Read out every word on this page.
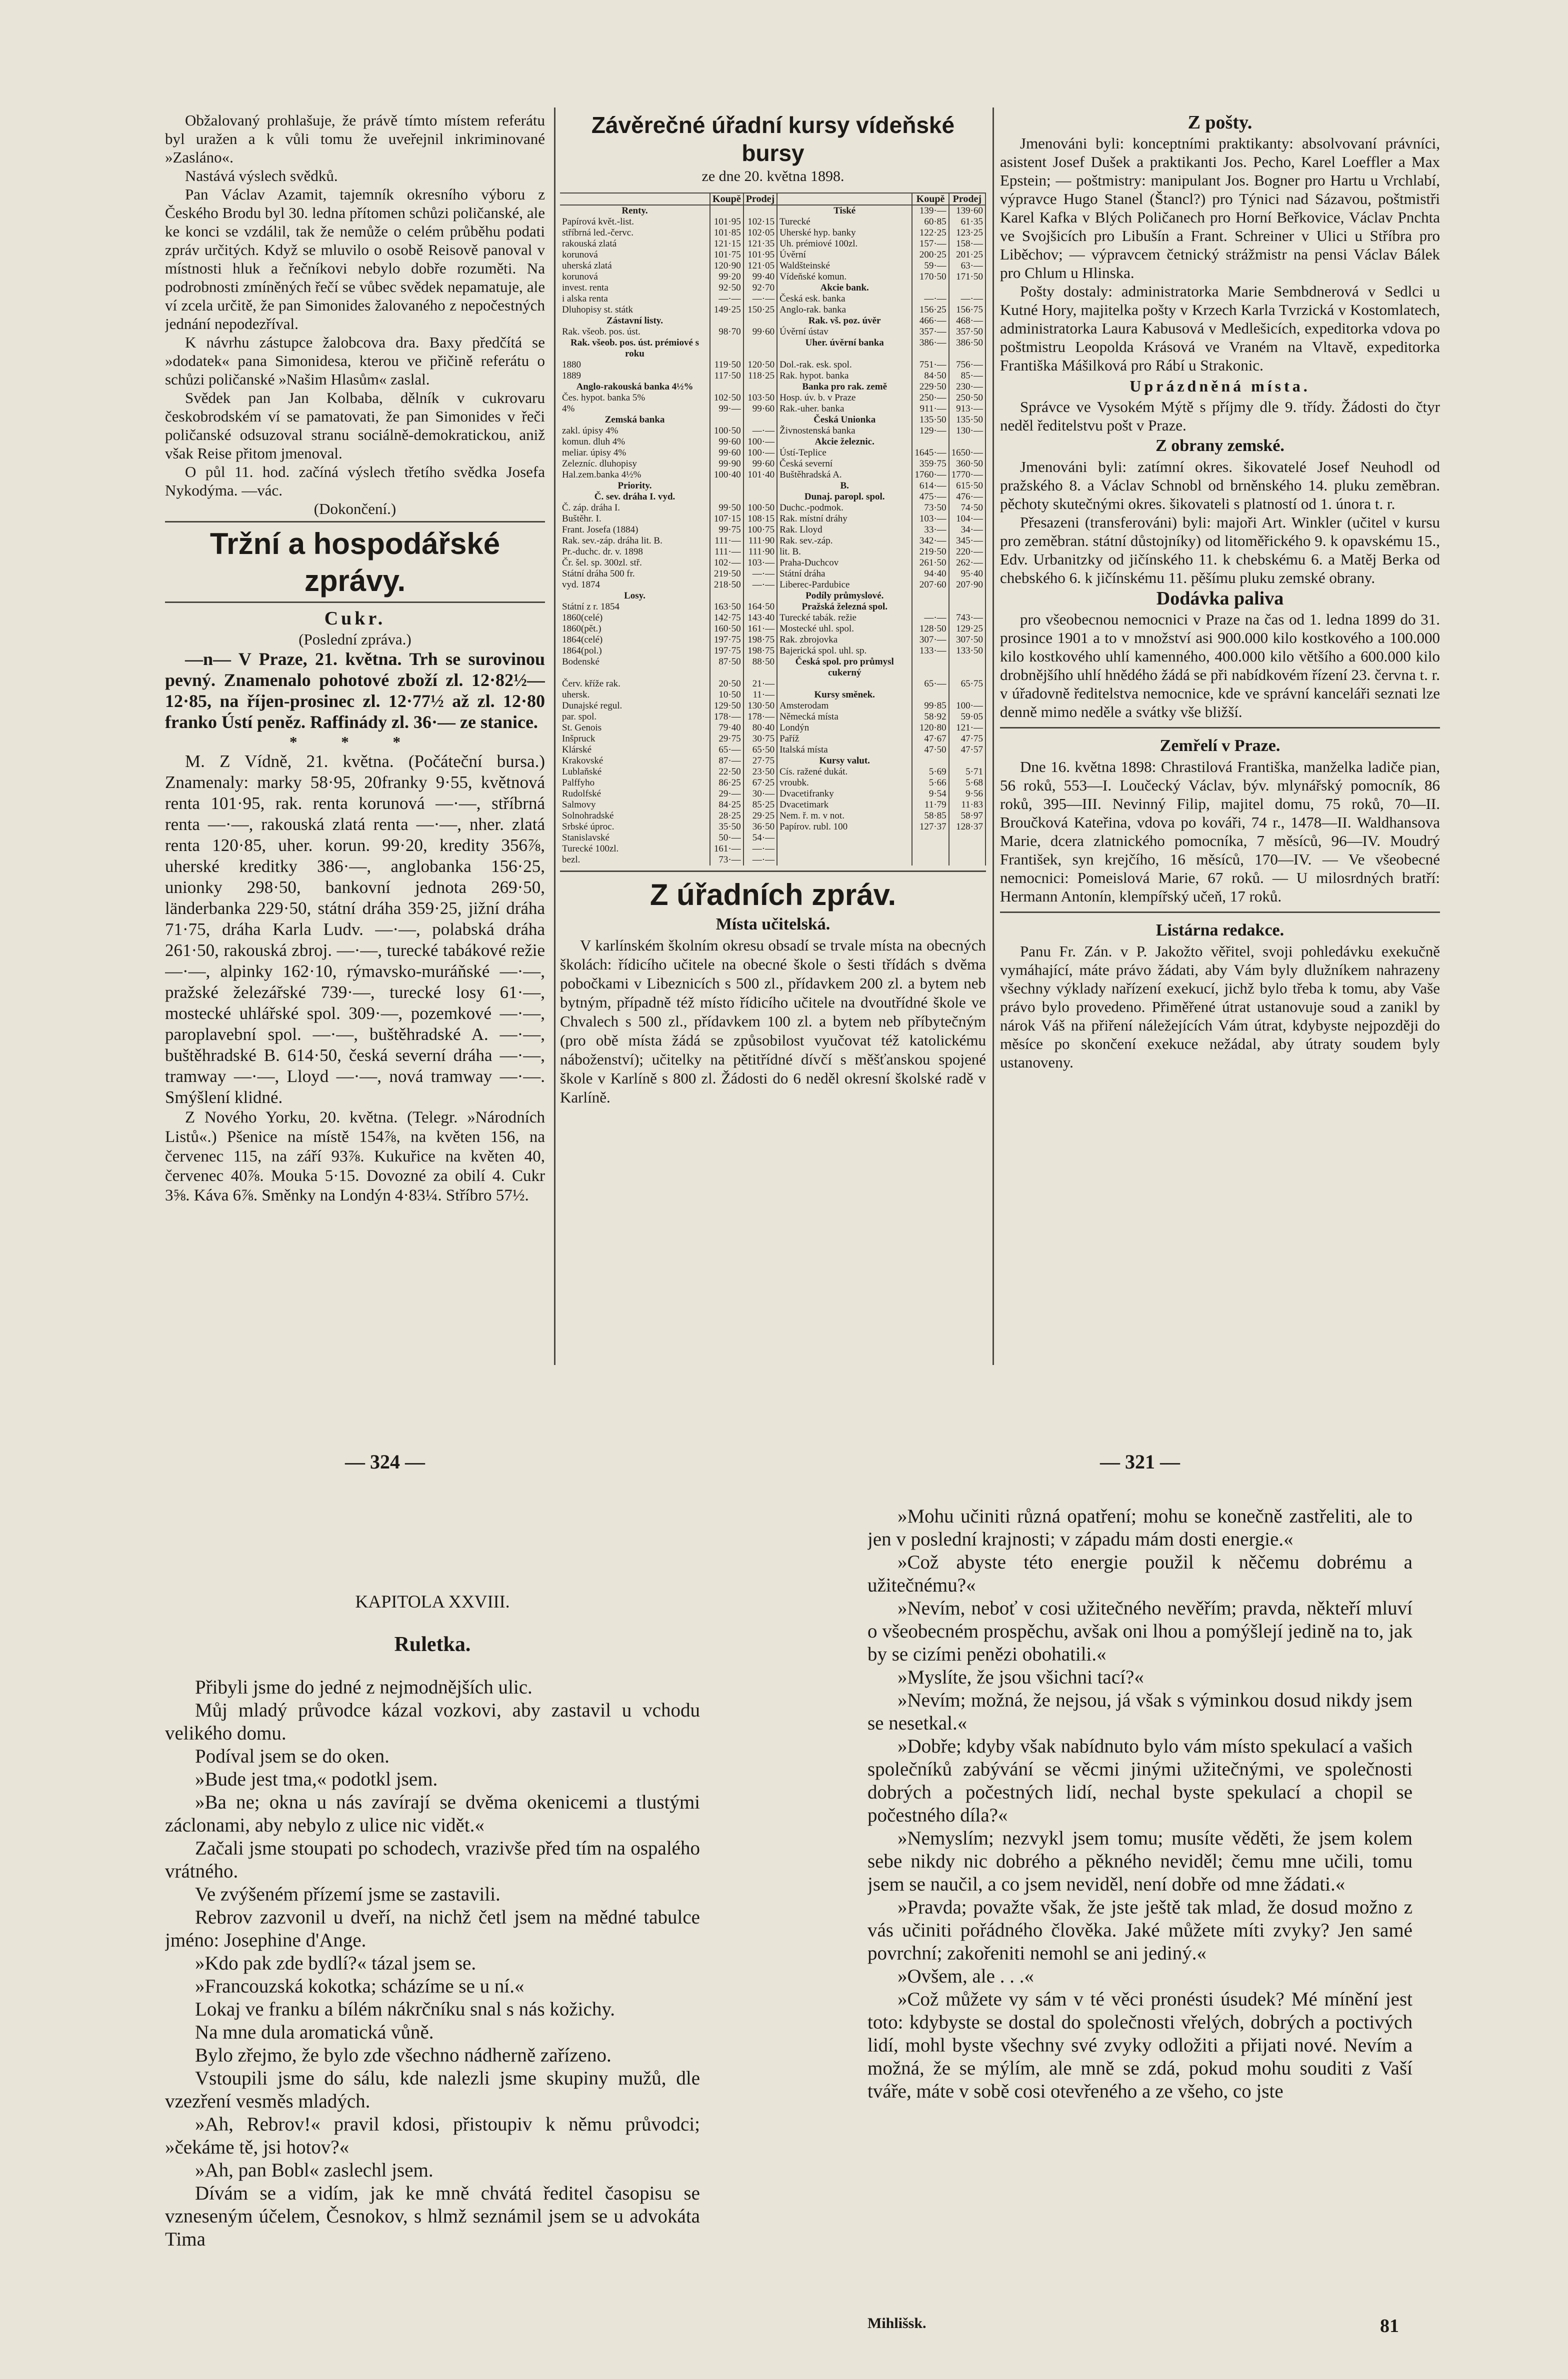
Obžalovaný prohlašuje, že právě tímto místem referátu byl uražen a k vůli tomu že uveřejnil inkriminované »Zasláno«.

Nastává výslech svědků.

Pan Václav Azamit, tajemník okresního výboru z Českého Brodu byl 30. ledna přítomen schůzi poličanské, ale ke konci se vzdálil, tak že nemůže o celém průběhu podati zpráv určitých. Když se mluvilo o osobě Reisově panoval v místnosti hluk a řečníkovi nebylo dobře rozuměti. Na podrobnosti zmíněných řečí se vůbec svědek nepamatuje, ale ví zcela určitě, že pan Simonides žalovaného z nepočestných jednání nepodezříval.

K návrhu zástupce žalobcova dra. Baxy předčítá se »dodatek« pana Simonidesa, kterou ve přičině referátu o schůzi poličanské »Našim Hlasům« zaslal.

Svědek pan Jan Kolbaba, dělník v cukrovaru českobrodském ví se pamatovati, že pan Simonides v řeči poličanské odsuzoval stranu sociálně-demokratickou, aniž však Reise přitom jmenoval.

O půl 11. hod. začíná výslech třetího svědka Josefa Nykodýma. —vác.

(Dokončení.)

Tržní a hospodářské zprávy.
Cukr.

(Poslední zpráva.)

—n— V Praze, 21. května. Trh se surovinou pevný. Znamenalo pohotové zboží zl. 12·82½—12·85, na říjen-prosinec zl. 12·77½ až zl. 12·80 franko Ústí peněz. Raffinády zl. 36·— ze stanice.

* * *

M. Z Vídně, 21. května. (Počáteční bursa.) Znamenaly: marky 58·95, 20franky 9·55, květnová renta 101·95, rak. renta korunová —·—, stříbrná renta —·—, rakouská zlatá renta —·—, nher. zlatá renta 120·85, uher. korun. 99·20, kredity 356⅞, uherské kreditky 386·—, anglobanka 156·25, unionky 298·50, bankovní jednota 269·50, länderbanka 229·50, státní dráha 359·25, jižní dráha 71·75, dráha Karla Ludv. —·—, polabská dráha 261·50, rakouská zbroj. —·—, turecké tabákové režie —·—, alpinky 162·10, rýmavsko-muráňské —·—, pražské železářské 739·—, turecké losy 61·—, mostecké uhlářské spol. 309·—, pozemkové —·—, paroplavební spol. —·—, buštěhradské A. —·—, buštěhradské B. 614·50, česká severní dráha —·—, tramway —·—, Lloyd —·—, nová tramway —·—. Smýšlení klidné.

Z Nového Yorku, 20. května. (Telegr. »Národních Listů«.) Pšenice na místě 154⅞, na květen 156, na červenec 115, na září 93⅞. Kukuřice na květen 40, červenec 40⅞. Mouka 5·15. Dovozné za obilí 4. Cukr 3⅝. Káva 6⅞. Směnky na Londýn 4·83¼. Stříbro 57½.

Závěrečné úřadní kursy vídeňské bursy
ze dne 20. května 1898.
	Koupě	Prodej		Koupě	Prodej
Renty.			Tiské	139·—	139·60
Papírová květ.-list.	101·95	102·15	Turecké	60·85	61·35
stříbrná led.-červc.	101·85	102·05	Uherské hyp. banky	122·25	123·25
rakouská zlatá	121·15	121·35	Uh. prémiové 100zl.	157·—	158·—
korunová	101·75	101·95	Úvěrní	200·25	201·25
uherská zlatá	120·90	121·05	Waldšteinské	59·—	63·—
korunová	99·20	99·40	Vídeňské komun.	170·50	171·50
invest. renta	92·50	92·70	Akcie bank.		
i alska renta	—·—	—·—	Česká esk. banka	—·—	—·—
Dluhopisy st. státk	149·25	150·25	Anglo-rak. banka	156·25	156·75
Zástavní listy.			Rak. vš. poz. úvěr	466·—	468·—
Rak. všeob. pos. úst.	98·70	99·60	Úvěrní ústav	357·—	357·50
Rak. všeob. pos. úst. prémiové s roku			Uher. úvěrní banka	386·—	386·50
1880	119·50	120·50	Dol.-rak. esk. spol.	751·—	756·—
1889	117·50	118·25	Rak. hypot. banka	84·50	85·—
Anglo-rakouská banka 4½%			Banka pro rak. země	229·50	230·—
Čes. hypot. banka 5%	102·50	103·50	Hosp. úv. b. v Praze	250·—	250·50
4%	99·—	99·60	Rak.-uher. banka	911·—	913·—
Zemská banka			Česká Unionka	135·50	135·50
zakl. úpisy 4%	100·50	—·—	Živnostenská banka	129·—	130·—
komun. dluh 4%	99·60	100·—	Akcie železnic.		
meliar. úpisy 4%	99·60	100·—	Ústí-Teplice	1645·—	1650·—
Zelezníc. dluhopisy	99·90	99·60	Česká severní	359·75	360·50
Hal.zem.banka 4½%	100·40	101·40	Buštěhradská A.	1760·—	1770·—
Priority.			B.	614·—	615·50
Č. sev. dráha I. vyd.			Dunaj. paropl. spol.	475·—	476·—
Č. záp. dráha I.	99·50	100·50	Duchc.-podmok.	73·50	74·50
Buštěhr. I.	107·15	108·15	Rak. místní dráhy	103·—	104·—
Frant. Josefa (1884)	99·75	100·75	Rak. Lloyd	33·—	34·—
Rak. sev.-záp. dráha lit. B.	111·—	111·90	Rak. sev.-záp.	342·—	345·—
Pr.-duchc. dr. v. 1898	111·—	111·90	lit. B.	219·50	220·—
Čr. šel. sp. 300zl. stř.	102·—	103·—	Praha-Duchcov	261·50	262·—
Státní dráha 500 fr.	219·50	—·—	Státní dráha	94·40	95·40
vyd. 1874	218·50	—·—	Liberec-Pardubice	207·60	207·90
Losy.			Podíly průmyslové.		
Státní z r. 1854	163·50	164·50	Pražská železná spol.		
1860(celé)	142·75	143·40	Turecké tabák. režie	—·—	743·—
1860(pět.)	160·50	161·—	Mostecké uhl. spol.	128·50	129·25
1864(celé)	197·75	198·75	Rak. zbrojovka	307·—	307·50
1864(pol.)	197·75	198·75	Bajerická spol. uhl. sp.	133·—	133·50
Bodenské	87·50	88·50	Česká spol. pro průmysl cukerný		
Červ. kříže rak.	20·50	21·—		65·—	65·75
uhersk.	10·50	11·—	Kursy směnek.		
Dunajské regul.	129·50	130·50	Amsterodam	99·85	100·—
par. spol.	178·—	178·—	Německá místa	58·92	59·05
St. Genois	79·40	80·40	Londýn	120·80	121·—
Inšpruck	29·75	30·75	Paříž	47·67	47·75
Klárské	65·—	65·50	Italská místa	47·50	47·57
Krakovské	87·—	27·75	Kursy valut.		
Lublaňské	22·50	23·50	Cís. ražené dukát.	5·69	5·71
Palffyho	86·25	67·25	vroubk.	5·66	5·68
Rudolfské	29·—	30·—	Dvacetifranky	9·54	9·56
Salmovy	84·25	85·25	Dvacetimark	11·79	11·83
Solnohradské	28·25	29·25	Nem. ř. m. v not.	58·85	58·97
Srbské úproc.	35·50	36·50	Papírov. rubl. 100	127·37	128·37
Stanislavské	50·—	54·—			
Turecké 100zl.	161·—	—·—			
bezl.	73·—	—·—			
Z úřadních zpráv.
Místa učitelská.

V karlínském školním okresu obsadí se trvale místa na obecných školách: řídicího učitele na obecné škole o šesti třídách s dvěma pobočkami v Libeznicích s 500 zl., přídavkem 200 zl. a bytem neb bytným, případně též místo řídicího učitele na dvoutřídné škole ve Chvalech s 500 zl., přídavkem 100 zl. a bytem neb příbytečným (pro obě místa žádá se způsobilost vyučovat též katolickému náboženství); učitelky na pětitřídné dívčí s měšťanskou spojené škole v Karlíně s 800 zl. Žádosti do 6 neděl okresní školské radě v Karlíně.

Z pošty.

Jmenováni byli: konceptními praktikanty: absolvovaní právníci, asistent Josef Dušek a praktikanti Jos. Pecho, Karel Loeffler a Max Epstein; — poštmistry: manipulant Jos. Bogner pro Hartu u Vrchlabí, výpravce Hugo Stanel (Štancl?) pro Týnici nad Sázavou, poštmistři Karel Kafka v Blých Poličanech pro Horní Beřkovice, Václav Pnchta ve Svojšicích pro Libušín a Frant. Schreiner v Ulici u Stříbra pro Liběchov; — výpravcem četnický strážmistr na pensi Václav Bálek pro Chlum u Hlinska.

Pošty dostaly: administratorka Marie Sembdnerová v Sedlci u Kutné Hory, majitelka pošty v Krzech Karla Tvrzická v Kostomlatech, administratorka Laura Kabusová v Medlešicích, expeditorka vdova po poštmistru Leopolda Krásová ve Vraném na Vltavě, expeditorka Františka Mášilková pro Rábí u Strakonic.

Uprázdněná místa.

Správce ve Vysokém Mýtě s příjmy dle 9. třídy. Žádosti do čtyr neděl ředitelstvu pošt v Praze.

Z obrany zemské.

Jmenováni byli: zatímní okres. šikovatelé Josef Neuhodl od pražského 8. a Václav Schnobl od brněnského 14. pluku zeměbran. pěchoty skutečnými okres. šikovateli s platností od 1. února t. r.

Přesazeni (transferováni) byli: majoři Art. Winkler (učitel v kursu pro zeměbran. státní důstojníky) od litoměřického 9. k opavskému 15., Edv. Urbanitzky od jičínského 11. k chebskému 6. a Matěj Berka od chebského 6. k jičínskému 11. pěšímu pluku zemské obrany.

Dodávka paliva

pro všeobecnou nemocnici v Praze na čas od 1. ledna 1899 do 31. prosince 1901 a to v množství asi 900.000 kilo kostkového a 100.000 kilo kostkového uhlí kamenného, 400.000 kilo většího a 600.000 kilo drobnějšího uhlí hnědého žádá se při nabídkovém řízení 23. června t. r. v úřadovně ředitelstva nemocnice, kde ve správní kanceláři seznati lze denně mimo neděle a svátky vše bližší.

Zemřelí v Praze.

Dne 16. května 1898: Chrastilová Františka, manželka ladiče pian, 56 roků, 553—I. Loučecký Václav, býv. mlynářský pomocník, 86 roků, 395—III. Nevinný Filip, majitel domu, 75 roků, 70—II. Broučková Kateřina, vdova po kováři, 74 r., 1478—II. Waldhansova Marie, dcera zlatnického pomocníka, 7 měsíců, 96—IV. Moudrý František, syn krejčího, 16 měsíců, 170—IV. — Ve všeobecné nemocnici: Pomeislová Marie, 67 roků. — U milosrdných bratří: Hermann Antonín, klempířský učeň, 17 roků.

Listárna redakce.

Panu Fr. Zán. v P. Jakožto věřitel, svoji pohledávku exekučně vymáhající, máte právo žádati, aby Vám byly dlužníkem nahrazeny všechny výklady nařízení exekucí, jichž bylo třeba k tomu, aby Vaše právo bylo provedeno. Přiměřené útrat ustanovuje soud a zanikl by nárok Váš na přiření náležejících Vám útrat, kdybyste nejpozději do měsíce po skončení exekuce nežádal, aby útraty soudem byly ustanoveny.

— 324 —	— 321 —
KAPITOLA XXVIII.
Ruletka.

Přibyli jsme do jedné z nejmodnějších ulic.

Můj mladý průvodce kázal vozkovi, aby zastavil u vchodu velikého domu.

Podíval jsem se do oken.

»Bude jest tma,« podotkl jsem.

»Ba ne; okna u nás zavírají se dvěma okenicemi a tlustými záclonami, aby nebylo z ulice nic vidět.«

Začali jsme stoupati po schodech, vrazivše před tím na ospalého vrátného.

Ve zvýšeném přízemí jsme se zastavili.

Rebrov zazvonil u dveří, na nichž četl jsem na mědné tabulce jméno: Josephine d'Ange.

»Kdo pak zde bydlí?« tázal jsem se.

»Francouzská kokotka; scházíme se u ní.«

Lokaj ve franku a bílém nákrčníku snal s nás kožichy.

Na mne dula aromatická vůně.

Bylo zřejmo, že bylo zde všechno nádherně zařízeno.

Vstoupili jsme do sálu, kde nalezli jsme skupiny mužů, dle vzezření vesměs mladých.

»Ah, Rebrov!« pravil kdosi, přistoupiv k němu průvodci; »čekáme tě, jsi hotov?«

»Ah, pan Bobl« zaslechl jsem.

Dívám se a vidím, jak ke mně chvátá ředitel časopisu se vzneseným účelem, Česnokov, s hlmž seznámil jsem se u advokáta Tima

»Mohu učiniti různá opatření; mohu se konečně zastřeliti, ale to jen v poslední krajnosti; v západu mám dosti energie.«

»Což abyste této energie použil k něčemu dobrému a užitečnému?«

»Nevím, neboť v cosi užitečného nevěřím; pravda, někteří mluví o všeobecném prospěchu, avšak oni lhou a pomýšlejí jedině na to, jak by se cizími penězi obohatili.«

»Myslíte, že jsou všichni tací?«

»Nevím; možná, že nejsou, já však s výminkou dosud nikdy jsem se nesetkal.«

»Dobře; kdyby však nabídnuto bylo vám místo spekulací a vašich společníků zabývání se věcmi jinými užitečnými, ve společnosti dobrých a počestných lidí, nechal byste spekulací a chopil se počestného díla?«

»Nemyslím; nezvykl jsem tomu; musíte věděti, že jsem kolem sebe nikdy nic dobrého a pěkného neviděl; čemu mne učili, tomu jsem se naučil, a co jsem neviděl, není dobře od mne žádati.«

»Pravda; považte však, že jste ještě tak mlad, že dosud možno z vás učiniti pořádného člověka. Jaké můžete míti zvyky? Jen samé povrchní; zakořeniti nemohl se ani jediný.«

»Ovšem, ale . . .«

»Což můžete vy sám v té věci pronésti úsudek? Mé mínění jest toto: kdybyste se dostal do společnosti vřelých, dobrých a poctivých lidí, mohl byste všechny své zvyky odložiti a přijati nové. Nevím a možná, že se mýlím, ale mně se zdá, pokud mohu souditi z Vaší tváře, máte v sobě cosi otevřeného a ze všeho, co jste

Mihlišsk.	81
